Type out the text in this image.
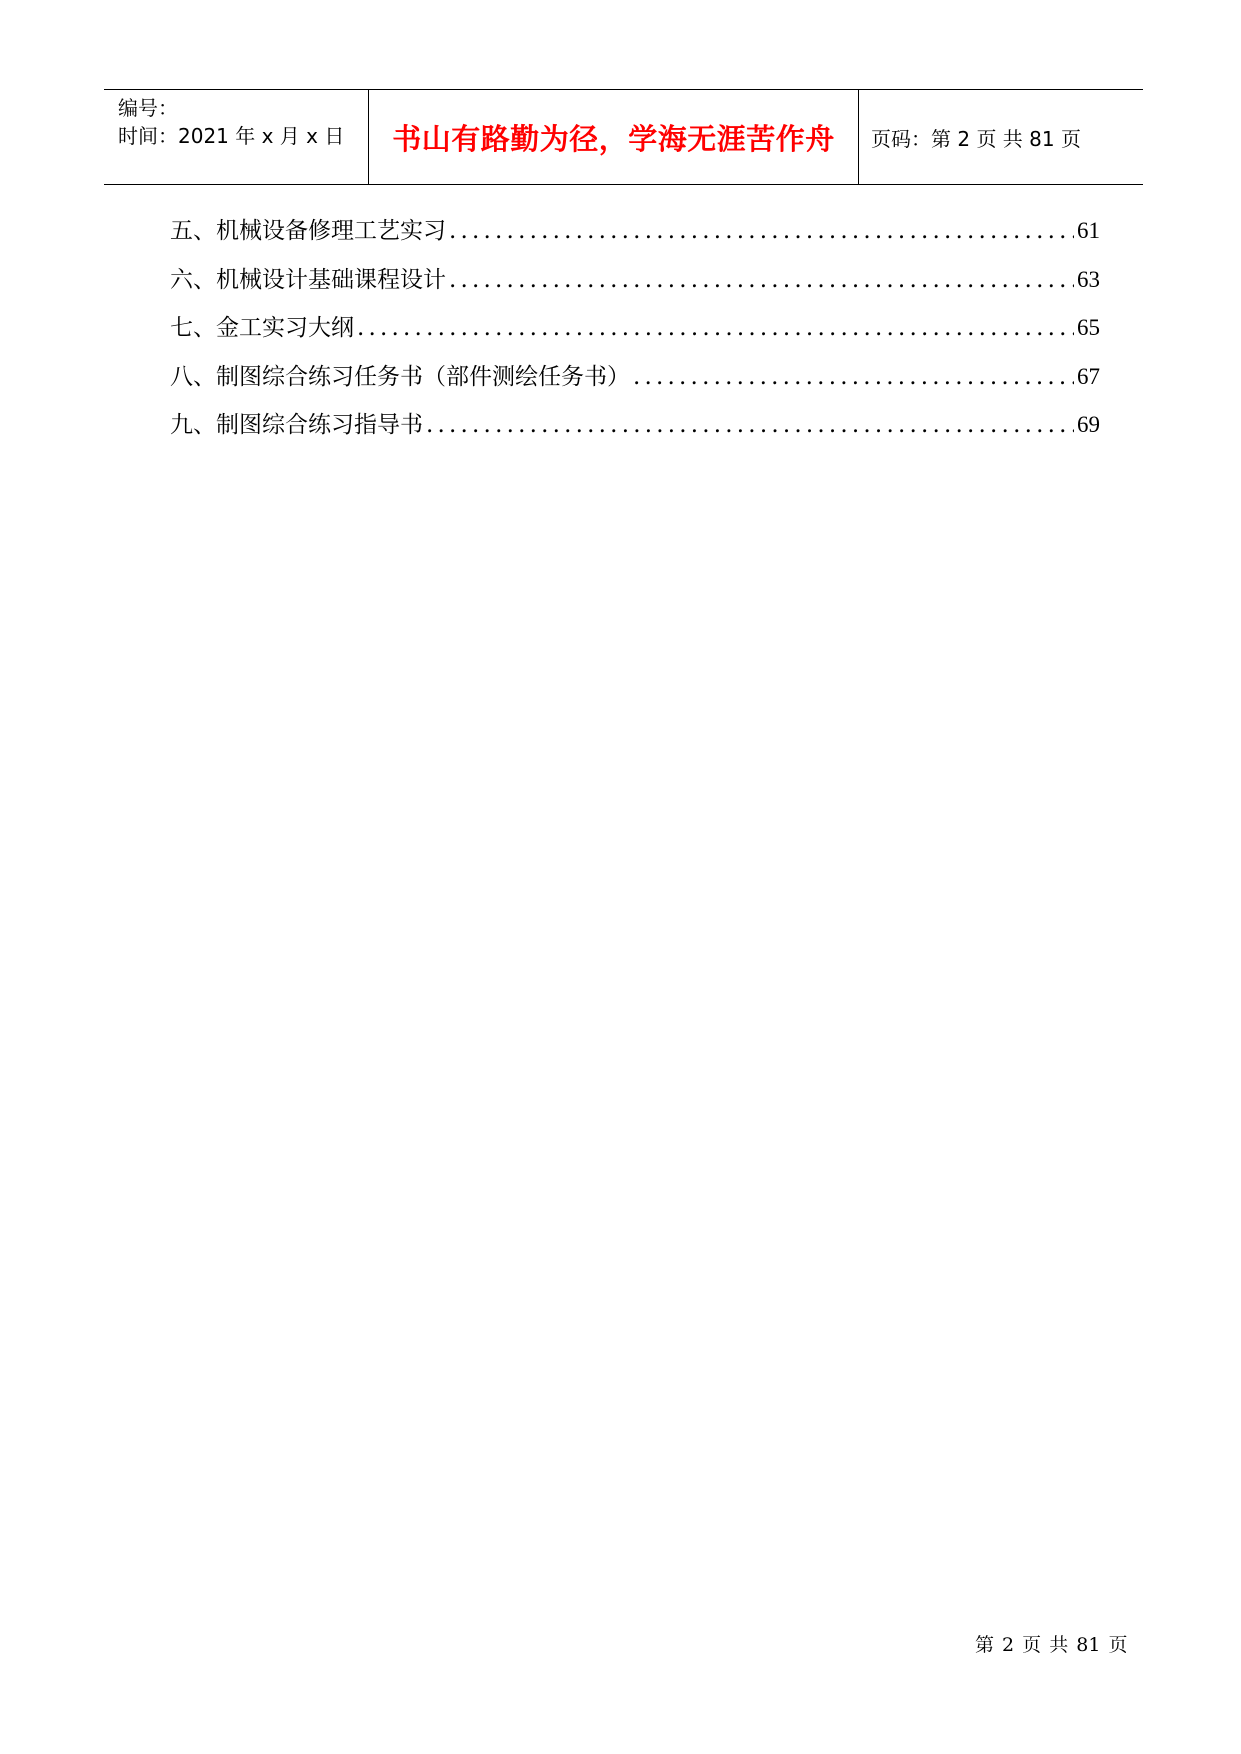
编号：
时间：2021 年 x 月 x 日 书山有路勤为径，学海无涯苦作舟 页码：第 2 页 共 81 页
五、机械设备修理工艺实习 .....	61
六、机械设计基础课程设计 .....	63
七、金工实习大纲 .....	65
八、制图综合练习任务书（部件测绘任务书） .....	67
九、制图综合练习指导书 .....	69
第 2 页 共 81 页
